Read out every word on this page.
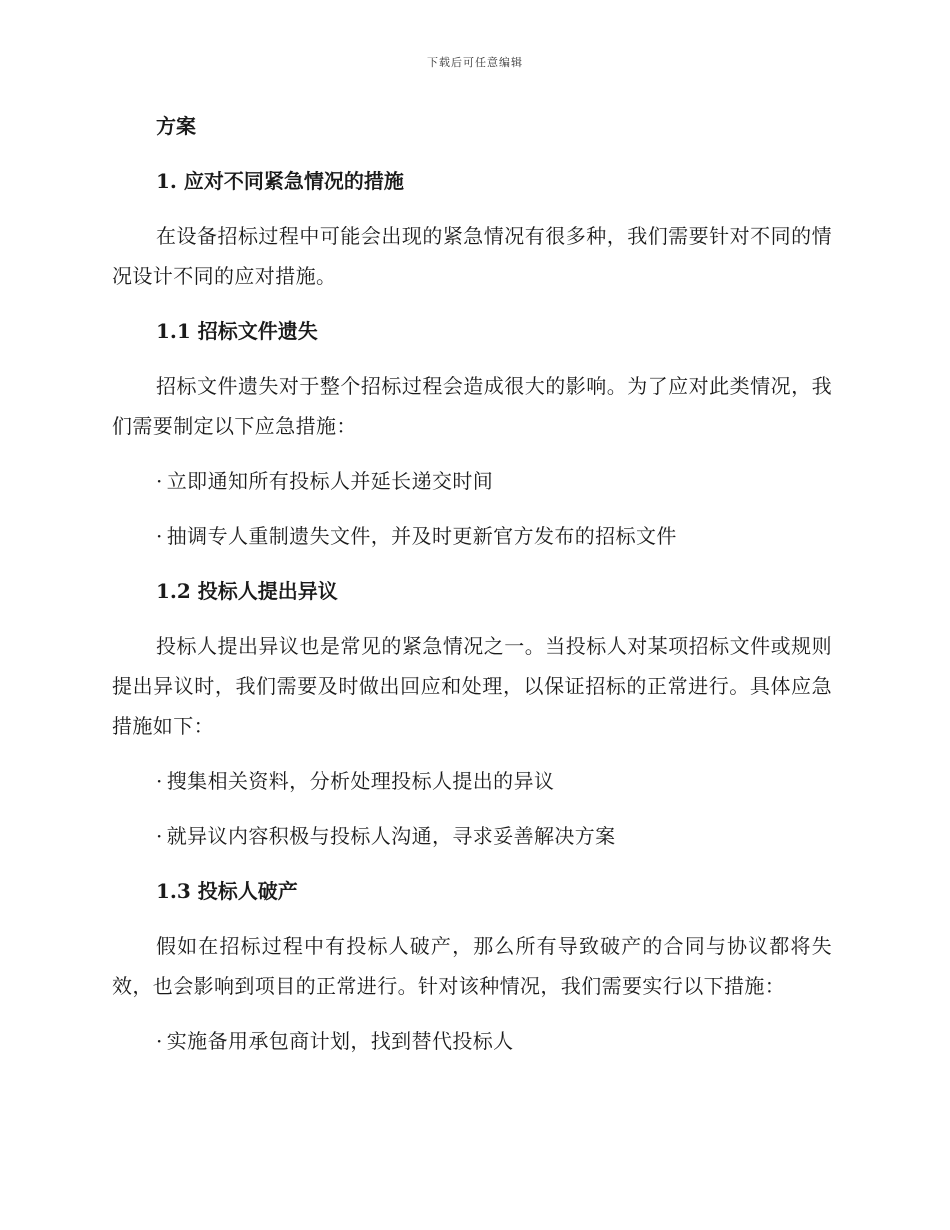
下载后可任意编辑

方案

1. 应对不同紧急情况的措施

在设备招标过程中可能会出现的紧急情况有很多种，我们需要针对不同的情况设计不同的应对措施。

1.1 招标文件遗失

招标文件遗失对于整个招标过程会造成很大的影响。为了应对此类情况，我们需要制定以下应急措施：

· 立即通知所有投标人并延长递交时间

· 抽调专人重制遗失文件，并及时更新官方发布的招标文件

1.2 投标人提出异议

投标人提出异议也是常见的紧急情况之一。当投标人对某项招标文件或规则提出异议时，我们需要及时做出回应和处理，以保证招标的正常进行。具体应急措施如下：

· 搜集相关资料，分析处理投标人提出的异议

· 就异议内容积极与投标人沟通，寻求妥善解决方案

1.3 投标人破产

假如在招标过程中有投标人破产，那么所有导致破产的合同与协议都将失效，也会影响到项目的正常进行。针对该种情况，我们需要实行以下措施：

· 实施备用承包商计划，找到替代投标人
